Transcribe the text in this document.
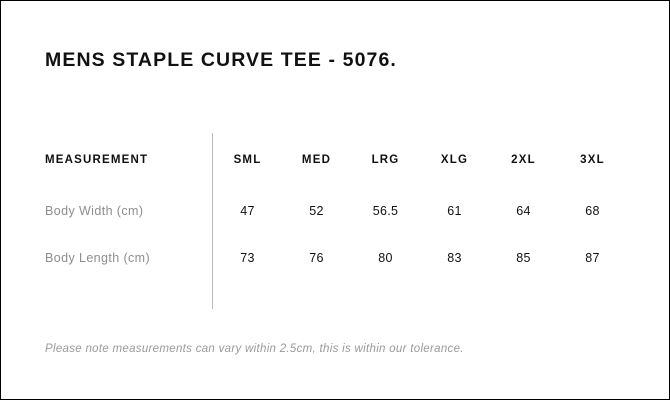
MENS STAPLE CURVE TEE - 5076.
MEASUREMENT	SML	MED	LRG	XLG	2XL	3XL
Body Width (cm)	47	52	56.5	61	64	68
Body Length (cm)	73	76	80	83	85	87
Please note measurements can vary within 2.5cm, this is within our tolerance.
